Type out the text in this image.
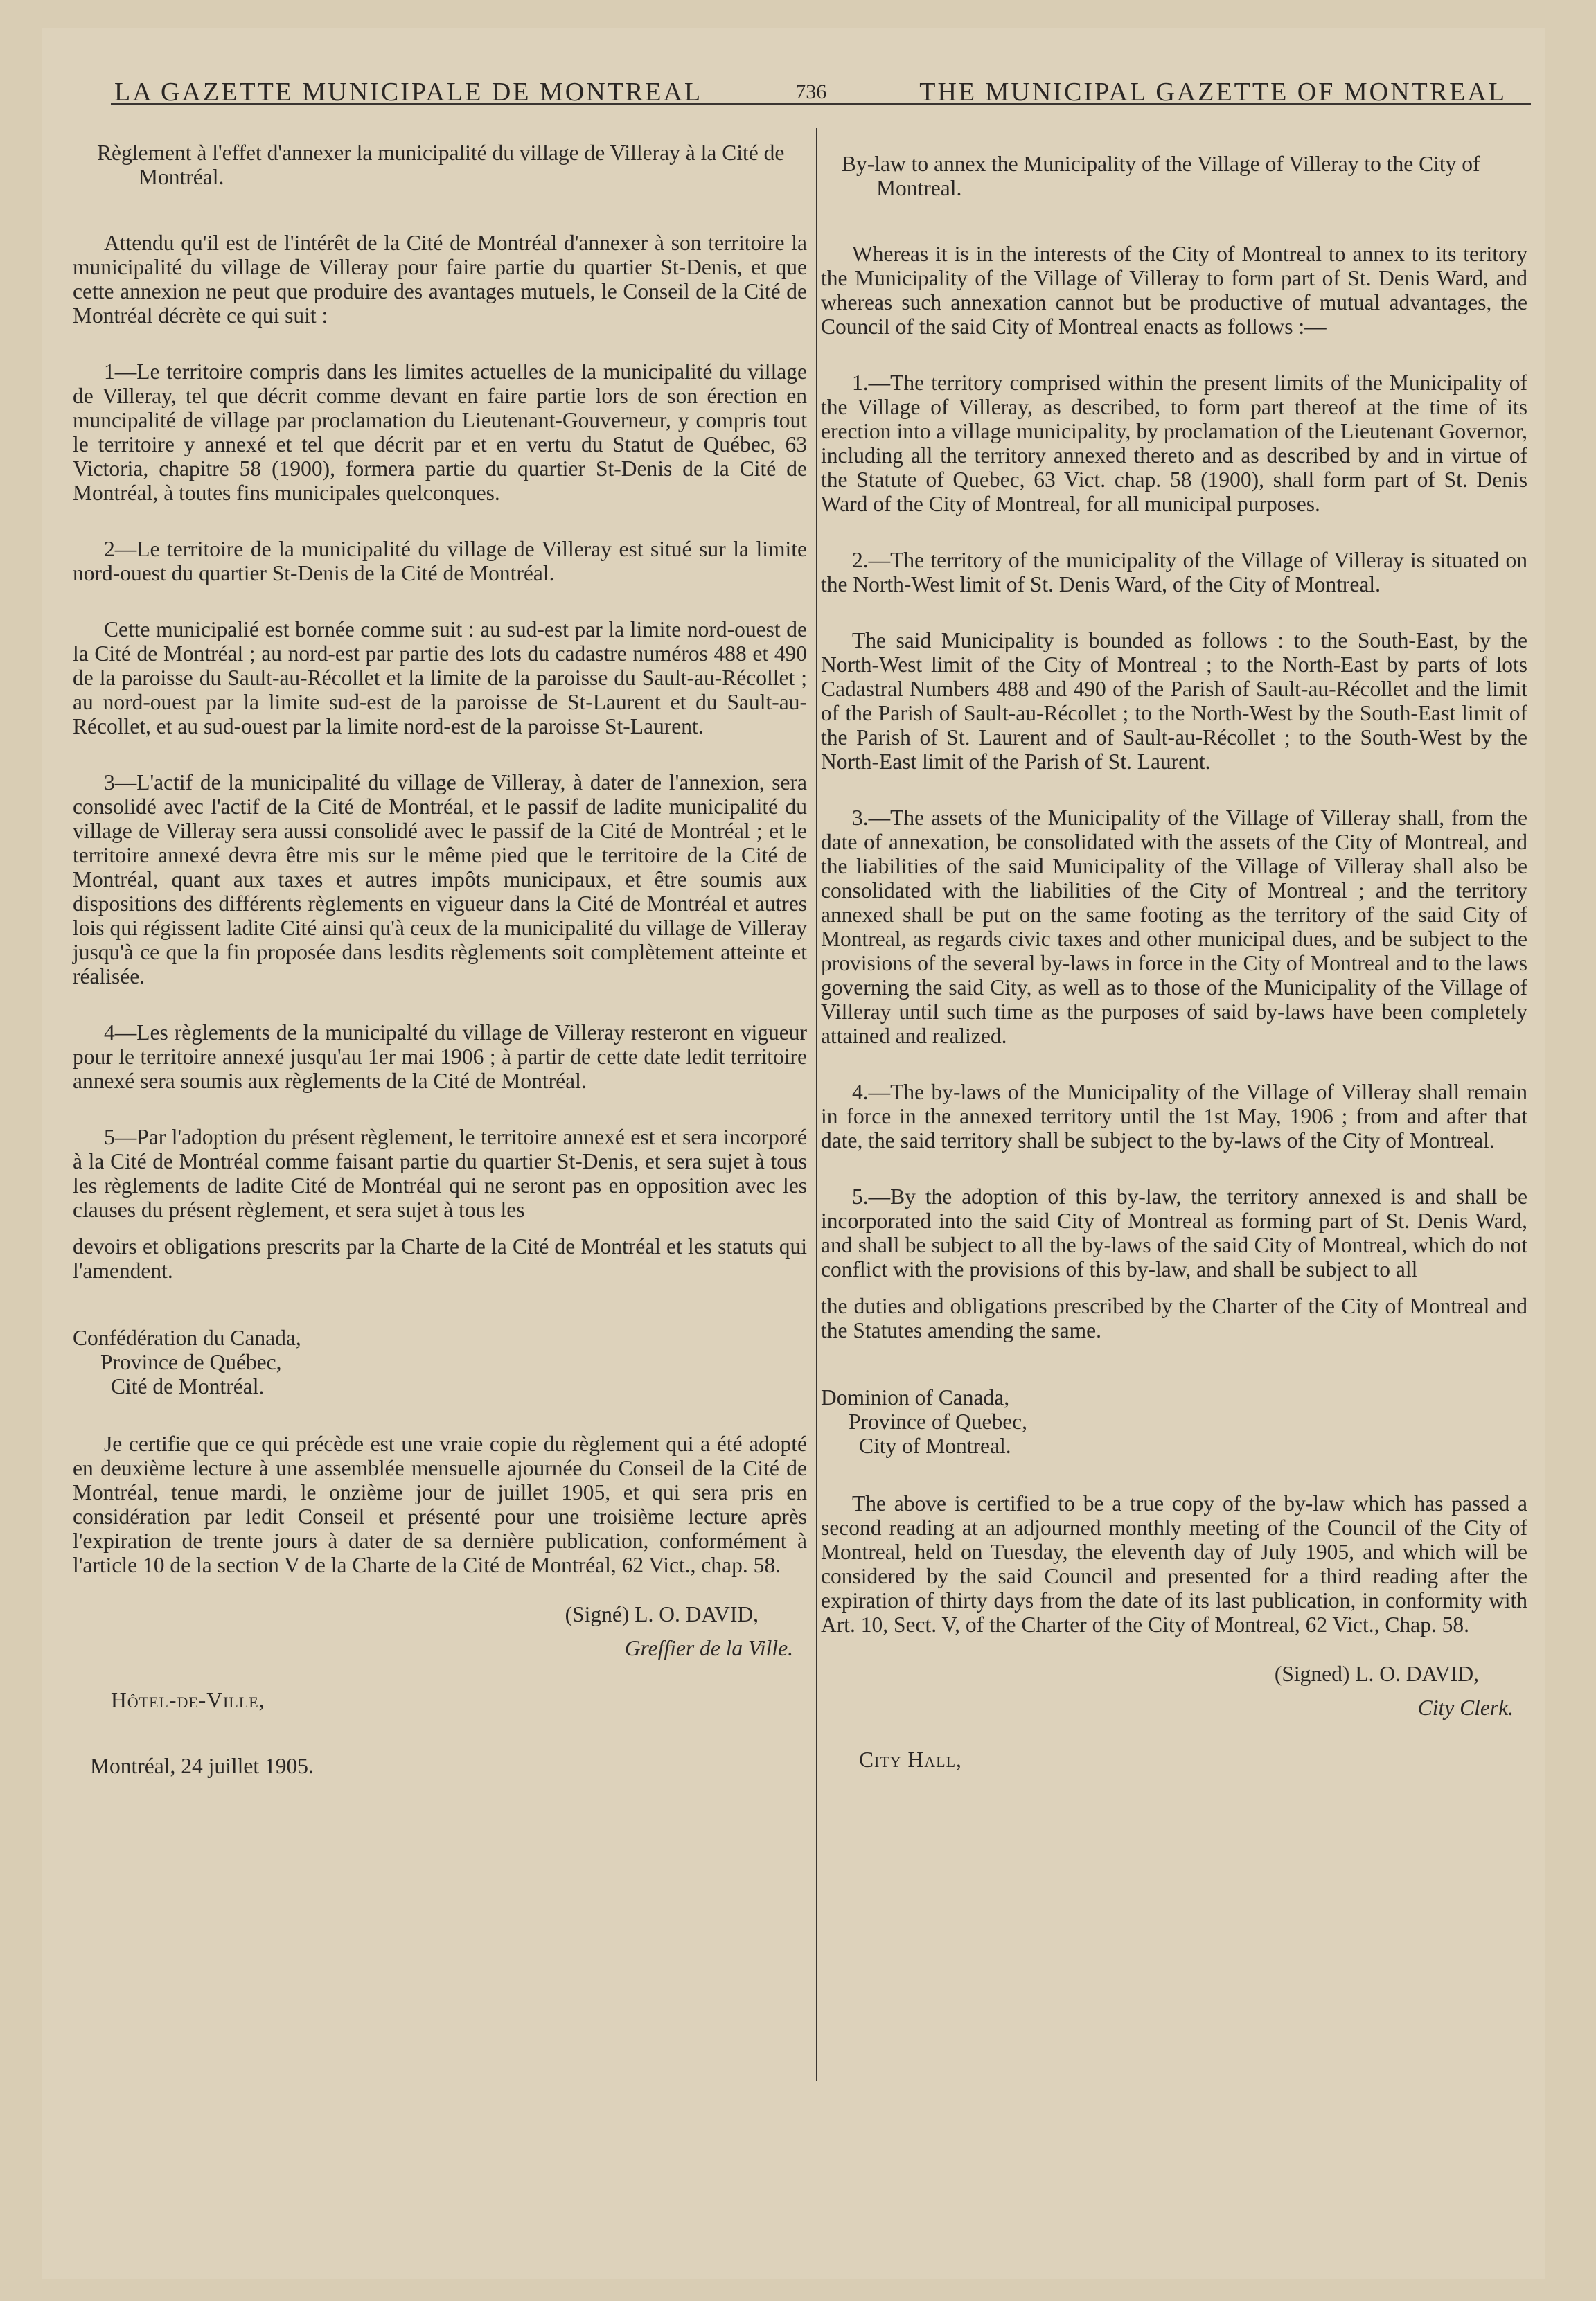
LA GAZETTE MUNICIPALE DE MONTREAL	736	THE MUNICIPAL GAZETTE OF MONTREAL
Règlement à l'effet d'annexer la municipalité du village de Villeray à la Cité de Montréal.

Attendu qu'il est de l'intérêt de la Cité de Montréal d'annexer à son territoire la municipalité du village de Villeray pour faire partie du quartier St-Denis, et que cette annexion ne peut que produire des avantages mutuels, le Conseil de la Cité de Montréal décrète ce qui suit :

1—Le territoire compris dans les limites actuelles de la municipalité du village de Villeray, tel que décrit comme devant en faire partie lors de son érection en muncipalité de village par proclamation du Lieutenant-Gouverneur, y compris tout le territoire y annexé et tel que décrit par et en vertu du Statut de Québec, 63 Victoria, chapitre 58 (1900), formera partie du quartier St-Denis de la Cité de Montréal, à toutes fins municipales quelconques.

2—Le territoire de la municipalité du village de Villeray est situé sur la limite nord-ouest du quartier St-Denis de la Cité de Montréal.

Cette municipalié est bornée comme suit : au sud-est par la limite nord-ouest de la Cité de Montréal ; au nord-est par partie des lots du cadastre numéros 488 et 490 de la paroisse du Sault-au-Récollet et la limite de la paroisse du Sault-au-Récollet ; au nord-ouest par la limite sud-est de la paroisse de St-Laurent et du Sault-au-Récollet, et au sud-ouest par la limite nord-est de la paroisse St-Laurent.

3—L'actif de la municipalité du village de Villeray, à dater de l'annexion, sera consolidé avec l'actif de la Cité de Montréal, et le passif de ladite municipalité du village de Villeray sera aussi consolidé avec le passif de la Cité de Montréal ; et le territoire annexé devra être mis sur le même pied que le territoire de la Cité de Montréal, quant aux taxes et autres impôts municipaux, et être soumis aux dispositions des différents règlements en vigueur dans la Cité de Montréal et autres lois qui régissent ladite Cité ainsi qu'à ceux de la municipalité du village de Villeray jusqu'à ce que la fin proposée dans lesdits règlements soit complètement atteinte et réalisée.

4—Les règlements de la municipalté du village de Villeray resteront en vigueur pour le territoire annexé jusqu'au 1er mai 1906 ; à partir de cette date ledit territoire annexé sera soumis aux règlements de la Cité de Montréal.

5—Par l'adoption du présent règlement, le territoire annexé est et sera incorporé à la Cité de Montréal comme faisant partie du quartier St-Denis, et sera sujet à tous les règlements de ladite Cité de Montréal qui ne seront pas en opposition avec les clauses du présent règlement, et sera sujet à tous les

devoirs et obligations prescrits par la Charte de la Cité de Montréal et les statuts qui l'amendent.

Confédération du Canada,
Province de Québec,
Cité de Montréal.

Je certifie que ce qui précède est une vraie copie du règlement qui a été adopté en deuxième lecture à une assemblée mensuelle ajournée du Conseil de la Cité de Montréal, tenue mardi, le onzième jour de juillet 1905, et qui sera pris en considération par ledit Conseil et présenté pour une troisième lecture après l'expiration de trente jours à dater de sa dernière publication, conformément à l'article 10 de la section V de la Charte de la Cité de Montréal, 62 Vict., chap. 58.

(Signé) L. O. DAVID,
Greffier de la Ville.
Hôtel-de-Ville,
Montréal, 24 juillet 1905.
By-law to annex the Municipality of the Village of Villeray to the City of Montreal.

Whereas it is in the interests of the City of Montreal to annex to its teritory the Municipality of the Village of Villeray to form part of St. Denis Ward, and whereas such annexation cannot but be productive of mutual advantages, the Council of the said City of Montreal enacts as follows :—

1.—The territory comprised within the present limits of the Municipality of the Village of Villeray, as described, to form part thereof at the time of its erection into a village municipality, by proclamation of the Lieutenant Governor, including all the territory annexed thereto and as described by and in virtue of the Statute of Quebec, 63 Vict. chap. 58 (1900), shall form part of St. Denis Ward of the City of Montreal, for all municipal purposes.

2.—The territory of the municipality of the Village of Villeray is situated on the North-West limit of St. Denis Ward, of the City of Montreal.

The said Municipality is bounded as follows : to the South-East, by the North-West limit of the City of Montreal ; to the North-East by parts of lots Cadastral Numbers 488 and 490 of the Parish of Sault-au-Récollet and the limit of the Parish of Sault-au-Récollet ; to the North-West by the South-East limit of the Parish of St. Laurent and of Sault-au-Récollet ; to the South-West by the North-East limit of the Parish of St. Laurent.

3.—The assets of the Municipality of the Village of Villeray shall, from the date of annexation, be consolidated with the assets of the City of Montreal, and the liabilities of the said Municipality of the Village of Villeray shall also be consolidated with the liabilities of the City of Montreal ; and the territory annexed shall be put on the same footing as the territory of the said City of Montreal, as regards civic taxes and other municipal dues, and be subject to the provisions of the several by-laws in force in the City of Montreal and to the laws governing the said City, as well as to those of the Municipality of the Village of Villeray until such time as the purposes of said by-laws have been completely attained and realized.

4.—The by-laws of the Municipality of the Village of Villeray shall remain in force in the annexed territory until the 1st May, 1906 ; from and after that date, the said territory shall be subject to the by-laws of the City of Montreal.

5.—By the adoption of this by-law, the territory annexed is and shall be incorporated into the said City of Montreal as forming part of St. Denis Ward, and shall be subject to all the by-laws of the said City of Montreal, which do not conflict with the provisions of this by-law, and shall be subject to all

the duties and obligations prescribed by the Charter of the City of Montreal and the Statutes amending the same.

Dominion of Canada,
Province of Quebec,
City of Montreal.

The above is certified to be a true copy of the by-law which has passed a second reading at an adjourned monthly meeting of the Council of the City of Montreal, held on Tuesday, the eleventh day of July 1905, and which will be considered by the said Council and presented for a third reading after the expiration of thirty days from the date of its last publication, in conformity with Art. 10, Sect. V, of the Charter of the City of Montreal, 62 Vict., Chap. 58.

(Signed) L. O. DAVID,
City Clerk.
City Hall,
